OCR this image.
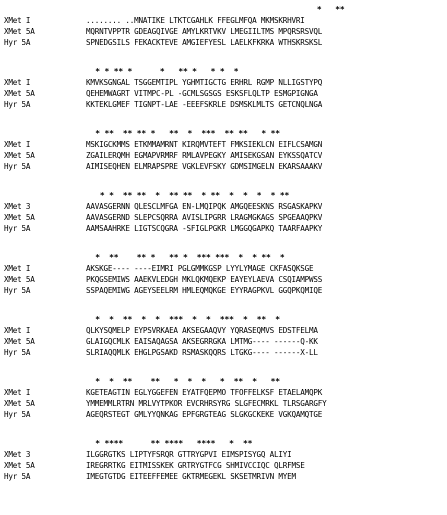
*   **

XMet I

	........ ..MNATIKE LTKTCGAHLK FFEGLMFQA MKMSKRHVRI

XMet 5A

	MQRNTVPPTR GDEAGQIVGE AMYLKRTVKV LMEGIILTMS MPQRSRSVQL

Hyr 5A

	SPNEDGSILS FEKACKTEVE AMGIEFYESL LAELKFKRKA WTHSKRSKSL

* * ** *      *   ** *   * *  *

XMet I

	KMVKSGNGAL TSGGEMTIPL YGHMTIGCTG ERHRL RGMP NLLIGSTYPQ

XMet 5A

	QEHEMWAGRT VITMPC-PL -GCMLSGSGS ESKSFLQLTP ESMGPIGNGA

Hyr 5A

	KKTEKLGMEF TIGNPT-LAE -EEEFSKRLE DSMSKLMLTS GETCNQLNGA

* **  ** ** *   **  *  ***  ** **   * **

XMet I

	MSKIGCKMMS ETKMMAMRNT KIRQMVTEFT FMKSIEKLCN EIFLCSAMGN

XMet 5A

	ZGAILERQMH EGMAPVRMRF RMLAVPEGKY AMISEKGSAN EYKSSQATCV

Hyr 5A

	AIMISEQHEN ELMRAPSPRE VGKLEVFSKY GDMSIMGELN EKARSAAAKV

* *  ** **  *  ** **  * **  *  *  *  * **

XMet 3

	AAVASGERNN QLESCLMFGA EN-LMQIPQK AMGQEESKNS RSGASKAPKV

XMet 5A

	AAVASGERND SLEPCSQRRA AVISLIPGRR LRAGMGKAGS SPGEAAQPKV

Hyr 5A

	AAMSAAHRKE LIGTSCQGRA -SFIGLPGKR LMGGQGAPKQ TAARFAAPKY

*  **    ** *   ** *  *** ***  *  * **  *

XMet I

	AKSKGE---- ----EIMRI PGLGMMKGSP LYYLYMAGE CKFASQKSGE

XMet 5A

	PKQGSEMIWS AAEKVLEDGH MKLQKMQEKP EAYEYLAEVA CSQIAMPWSS

Hyr 5A

	SSPAQEMIWG AGEYSEELRM HMLEQMQKGE EYYRAGPKVL GGQPKQMIQE

*  *  **  *  *  ***  *  *  ***  *  **  *

XMet I

	QLKYSQMELP EYPSVRKAEA AKSEGAAQVY YQRASEQMVS EDSTFELMA

XMet 5A

	GLAIGQCMLK EAISAQAGSA AKSEGRRGKA LMTMG---- ------Q-KK

Hyr 5A

	SLRIAQQMLK EHGLPGSAKD RSMASKQQRS LTGKG---- ------X-LL

*  *  **    **   *  *  *   *  **  *   **

XMet I

	KGETEAGTIN EGLYGGEFEN EYATFQEPMO TFOFFELKSF ETAELAMQPK

XMet 5A

	YMMEMMLRTRN MRLVYTPKOR EVCRHRSYRG SLGFECMRKL TLRSGARGFY

Hyr 5A

	AGEQRSTEGT GMLYYQNKAG EPFGRGTEAG SLGKGCKEKE VGKQAMQTGE

* ****      ** ****   ****   *  **

XMet 3

	ILGGRGTKS LIPTYFSRQR GTTRYGPVI EIMSPISYGQ ALIYI

XMet 5A

	IREGRRTKG EITMISSKEK GRTRYGTFCG SHMIVCCIQC QLRFMSE

Hyr 5A

	IMEGTGTDG EITEEFFEMEE GKTRMEGEKL SKSETMRIVN MYEM
